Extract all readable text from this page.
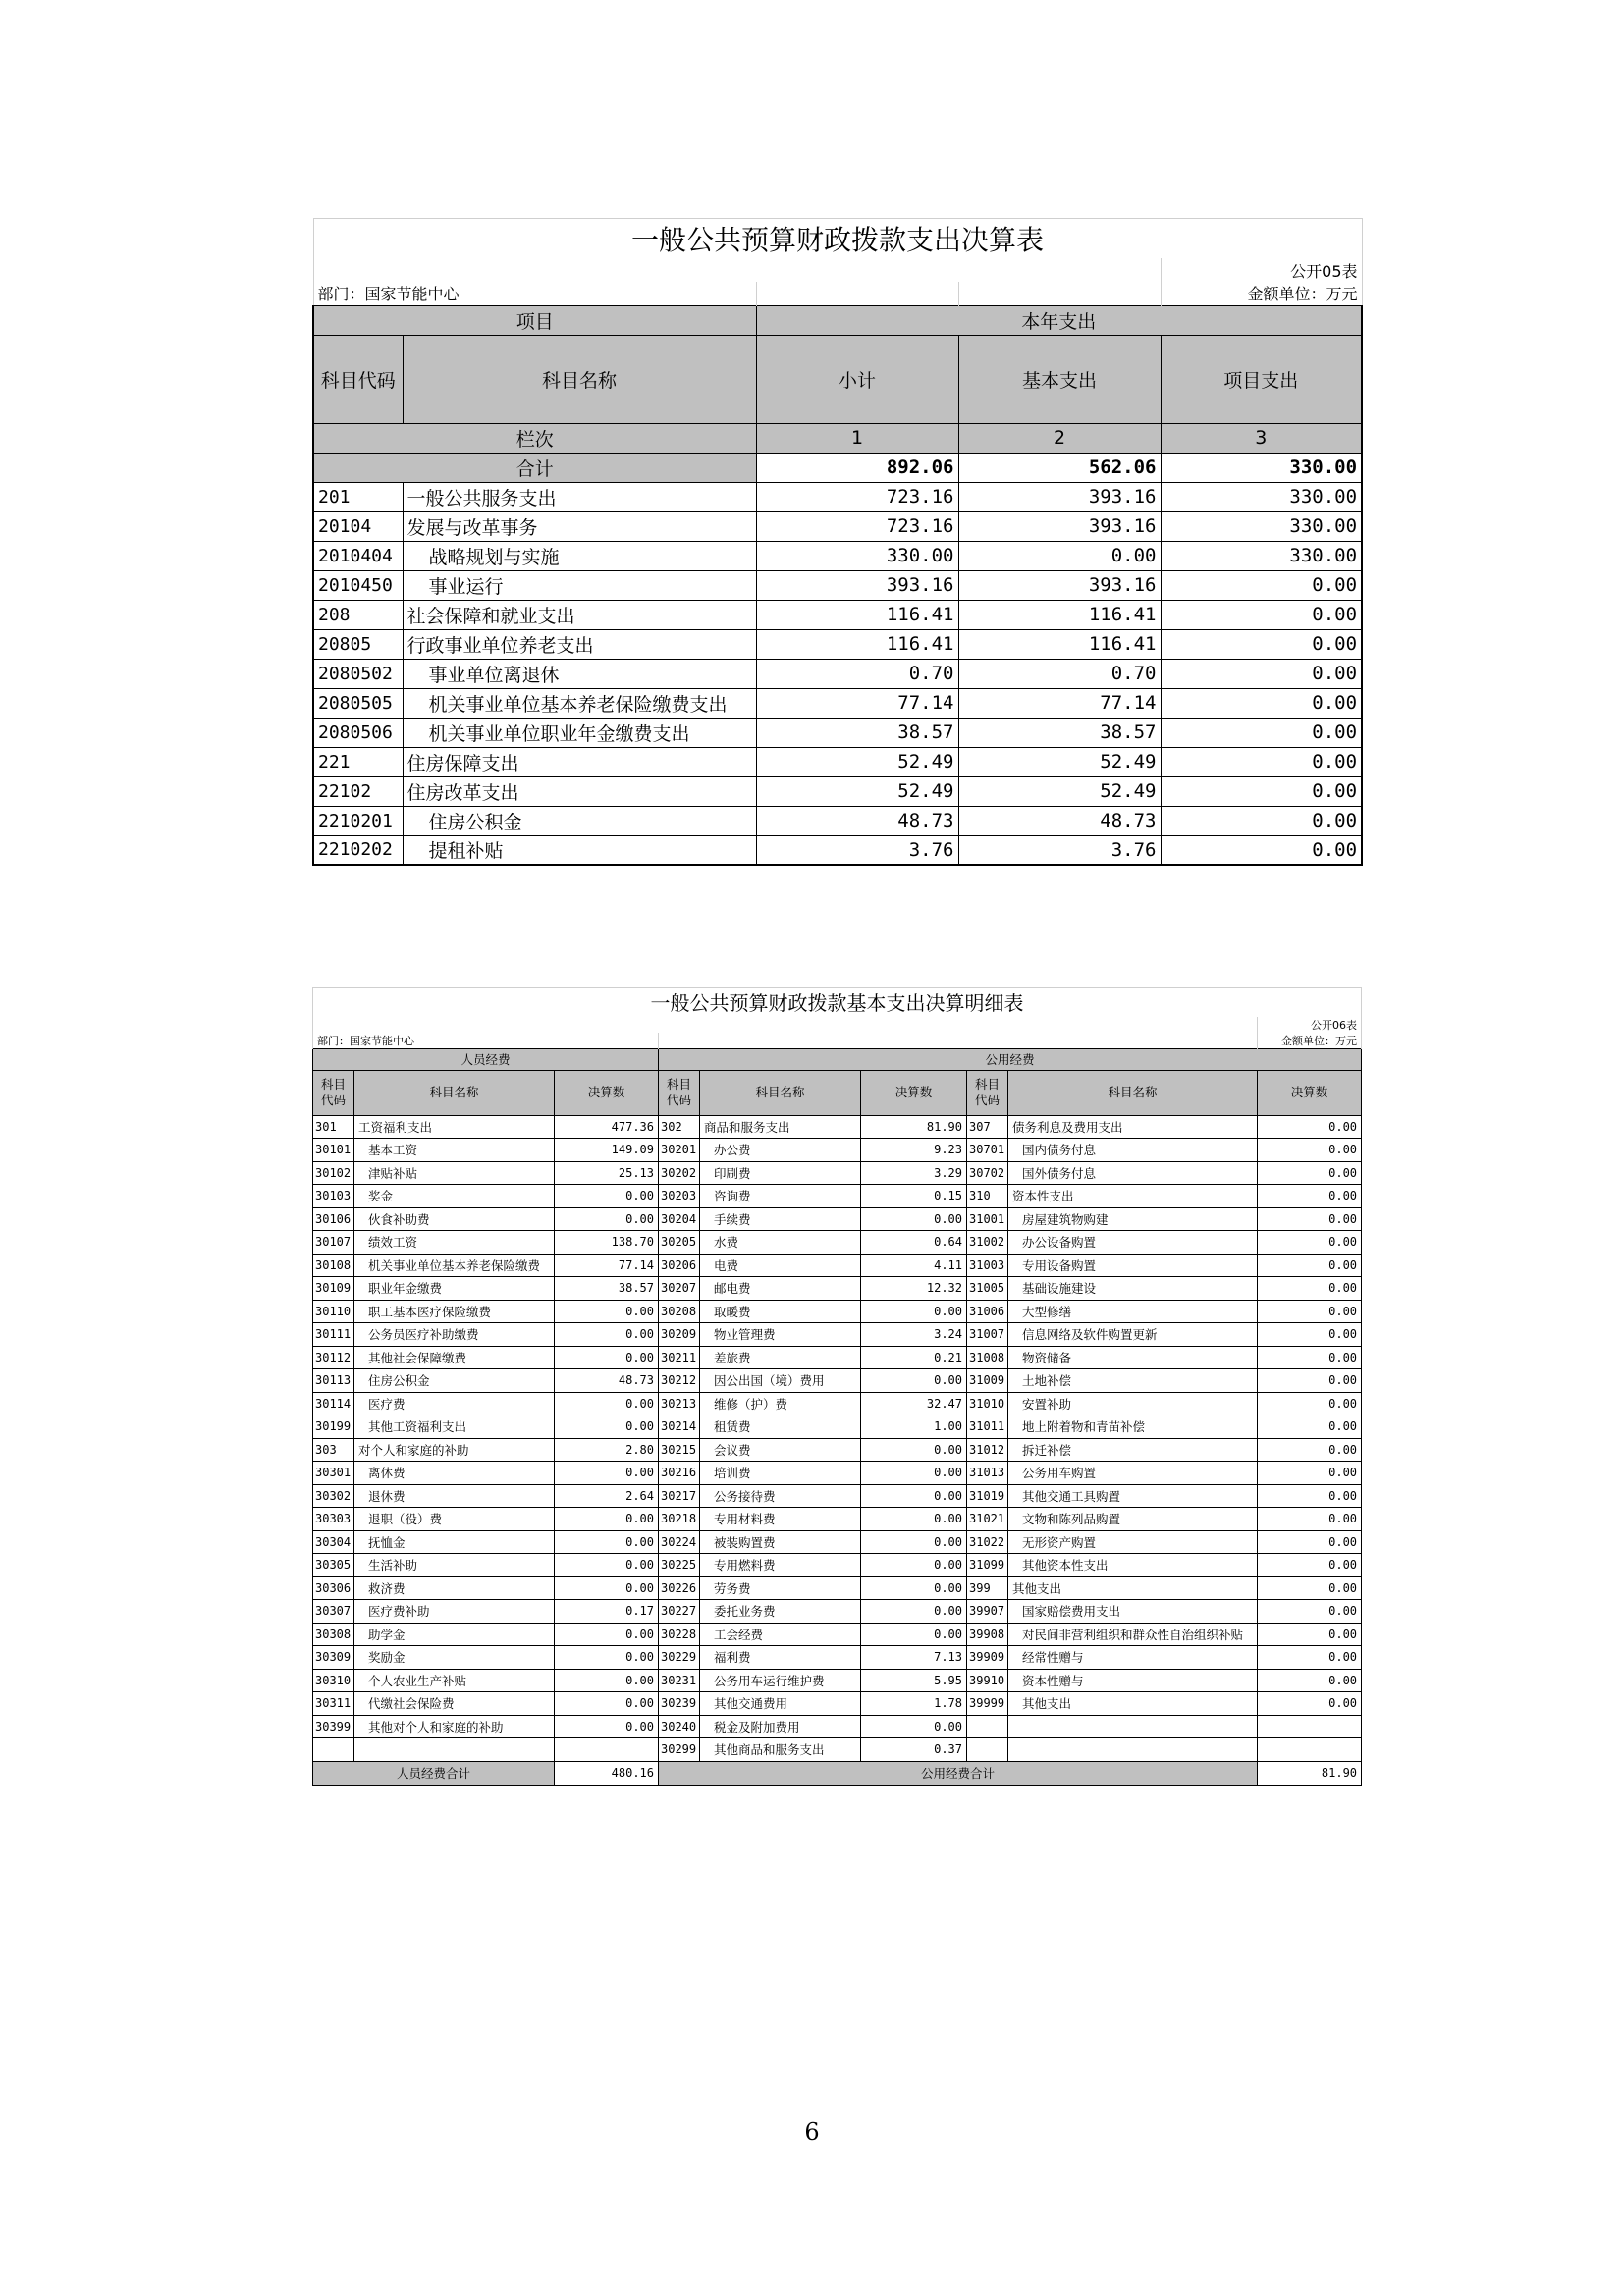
一般公共预算财政拨款支出决算表				
				公开05表
部门：国家节能中心				金额单位：万元
项目		本年支出		
科目代码	科目名称	小计	基本支出	项目支出
栏次		1	2	3
合计		892.06	562.06	330.00
201	一般公共服务支出	723.16	393.16	330.00
20104	发展与改革事务	723.16	393.16	330.00
2010404	战略规划与实施	330.00	0.00	330.00
2010450	事业运行	393.16	393.16	0.00
208	社会保障和就业支出	116.41	116.41	0.00
20805	行政事业单位养老支出	116.41	116.41	0.00
2080502	事业单位离退休	0.70	0.70	0.00
2080505	机关事业单位基本养老保险缴费支出	77.14	77.14	0.00
2080506	机关事业单位职业年金缴费支出	38.57	38.57	0.00
221	住房保障支出	52.49	52.49	0.00
22102	住房改革支出	52.49	52.49	0.00
2210201	住房公积金	48.73	48.73	0.00
2210202	提租补贴	3.76	3.76	0.00
一般公共预算财政拨款基本支出决算明细表								
								公开06表
部门：国家节能中心								金额单位：万元
人员经费			公用经费					
科目代码	科目名称	决算数	科目代码	科目名称	决算数	科目代码	科目名称	决算数
301	工资福利支出	477.36	302	商品和服务支出	81.90	307	债务利息及费用支出	0.00
30101	基本工资	149.09	30201	办公费	9.23	30701	国内债务付息	0.00
30102	津贴补贴	25.13	30202	印刷费	3.29	30702	国外债务付息	0.00
30103	奖金	0.00	30203	咨询费	0.15	310	资本性支出	0.00
30106	伙食补助费	0.00	30204	手续费	0.00	31001	房屋建筑物购建	0.00
30107	绩效工资	138.70	30205	水费	0.64	31002	办公设备购置	0.00
30108	机关事业单位基本养老保险缴费	77.14	30206	电费	4.11	31003	专用设备购置	0.00
30109	职业年金缴费	38.57	30207	邮电费	12.32	31005	基础设施建设	0.00
30110	职工基本医疗保险缴费	0.00	30208	取暖费	0.00	31006	大型修缮	0.00
30111	公务员医疗补助缴费	0.00	30209	物业管理费	3.24	31007	信息网络及软件购置更新	0.00
30112	其他社会保障缴费	0.00	30211	差旅费	0.21	31008	物资储备	0.00
30113	住房公积金	48.73	30212	因公出国（境）费用	0.00	31009	土地补偿	0.00
30114	医疗费	0.00	30213	维修（护）费	32.47	31010	安置补助	0.00
30199	其他工资福利支出	0.00	30214	租赁费	1.00	31011	地上附着物和青苗补偿	0.00
303	对个人和家庭的补助	2.80	30215	会议费	0.00	31012	拆迁补偿	0.00
30301	离休费	0.00	30216	培训费	0.00	31013	公务用车购置	0.00
30302	退休费	2.64	30217	公务接待费	0.00	31019	其他交通工具购置	0.00
30303	退职（役）费	0.00	30218	专用材料费	0.00	31021	文物和陈列品购置	0.00
30304	抚恤金	0.00	30224	被装购置费	0.00	31022	无形资产购置	0.00
30305	生活补助	0.00	30225	专用燃料费	0.00	31099	其他资本性支出	0.00
30306	救济费	0.00	30226	劳务费	0.00	399	其他支出	0.00
30307	医疗费补助	0.17	30227	委托业务费	0.00	39907	国家赔偿费用支出	0.00
30308	助学金	0.00	30228	工会经费	0.00	39908	对民间非营利组织和群众性自治组织补贴	0.00
30309	奖励金	0.00	30229	福利费	7.13	39909	经常性赠与	0.00
30310	个人农业生产补贴	0.00	30231	公务用车运行维护费	5.95	39910	资本性赠与	0.00
30311	代缴社会保险费	0.00	30239	其他交通费用	1.78	39999	其他支出	0.00
30399	其他对个人和家庭的补助	0.00	30240	税金及附加费用	0.00			
			30299	其他商品和服务支出	0.37			
人员经费合计		480.16	公用经费合计					81.90
6
